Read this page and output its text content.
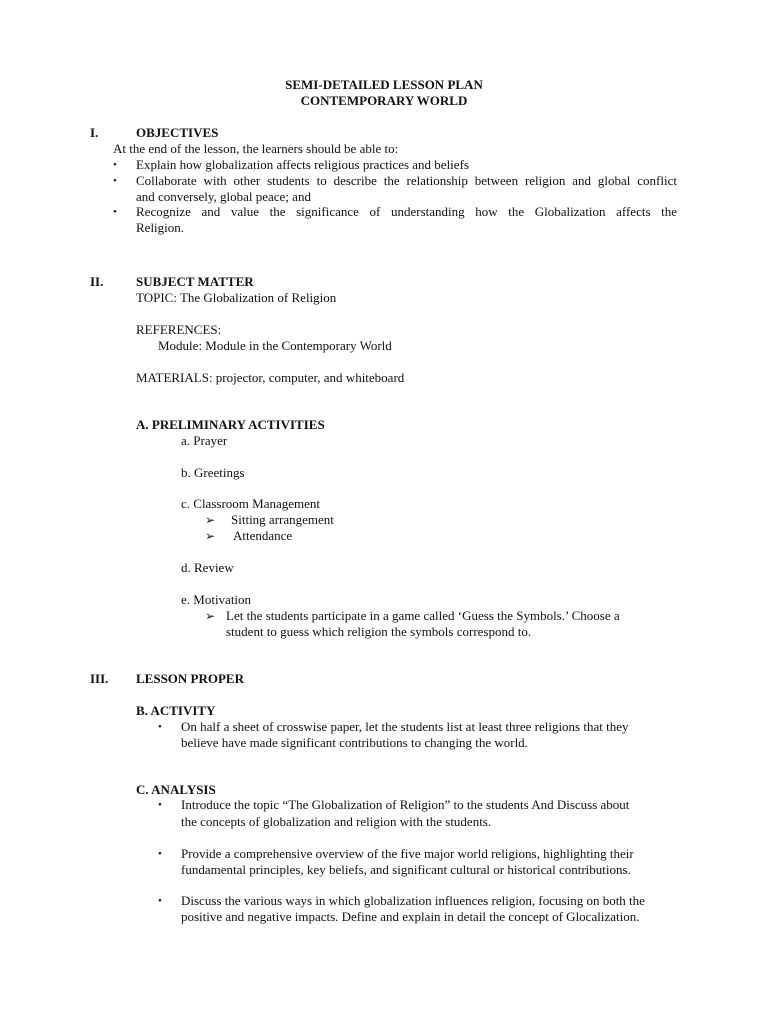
SEMI-DETAILED LESSON PLAN
CONTEMPORARY WORLD
I.	OBJECTIVES
At the end of the lesson, the learners should be able to:
• Explain how globalization affects religious practices and beliefs
• Collaborate with other students to describe the relationship between religion and global conflict
and conversely, global peace; and
• Recognize and value the significance of understanding how the Globalization affects the
Religion.
II.	SUBJECT MATTER
TOPIC: The Globalization of Religion
REFERENCES:
Module: Module in the Contemporary World
MATERIALS: projector, computer, and whiteboard
A. PRELIMINARY ACTIVITIES
a. Prayer
b. Greetings
c. Classroom Management
➢ Sitting arrangement
➢ Attendance
d. Review
e. Motivation
➢ Let the students participate in a game called ‘Guess the Symbols.’ Choose a
student to guess which religion the symbols correspond to.
III. LESSON PROPER
B. ACTIVITY
• On half a sheet of crosswise paper, let the students list at least three religions that they
believe have made significant contributions to changing the world.
C. ANALYSIS
• Introduce the topic “The Globalization of Religion” to the students And Discuss about
the concepts of globalization and religion with the students.
• Provide a comprehensive overview of the five major world religions, highlighting their
fundamental principles, key beliefs, and significant cultural or historical contributions.
• Discuss the various ways in which globalization influences religion, focusing on both the
positive and negative impacts. Define and explain in detail the concept of Glocalization.
